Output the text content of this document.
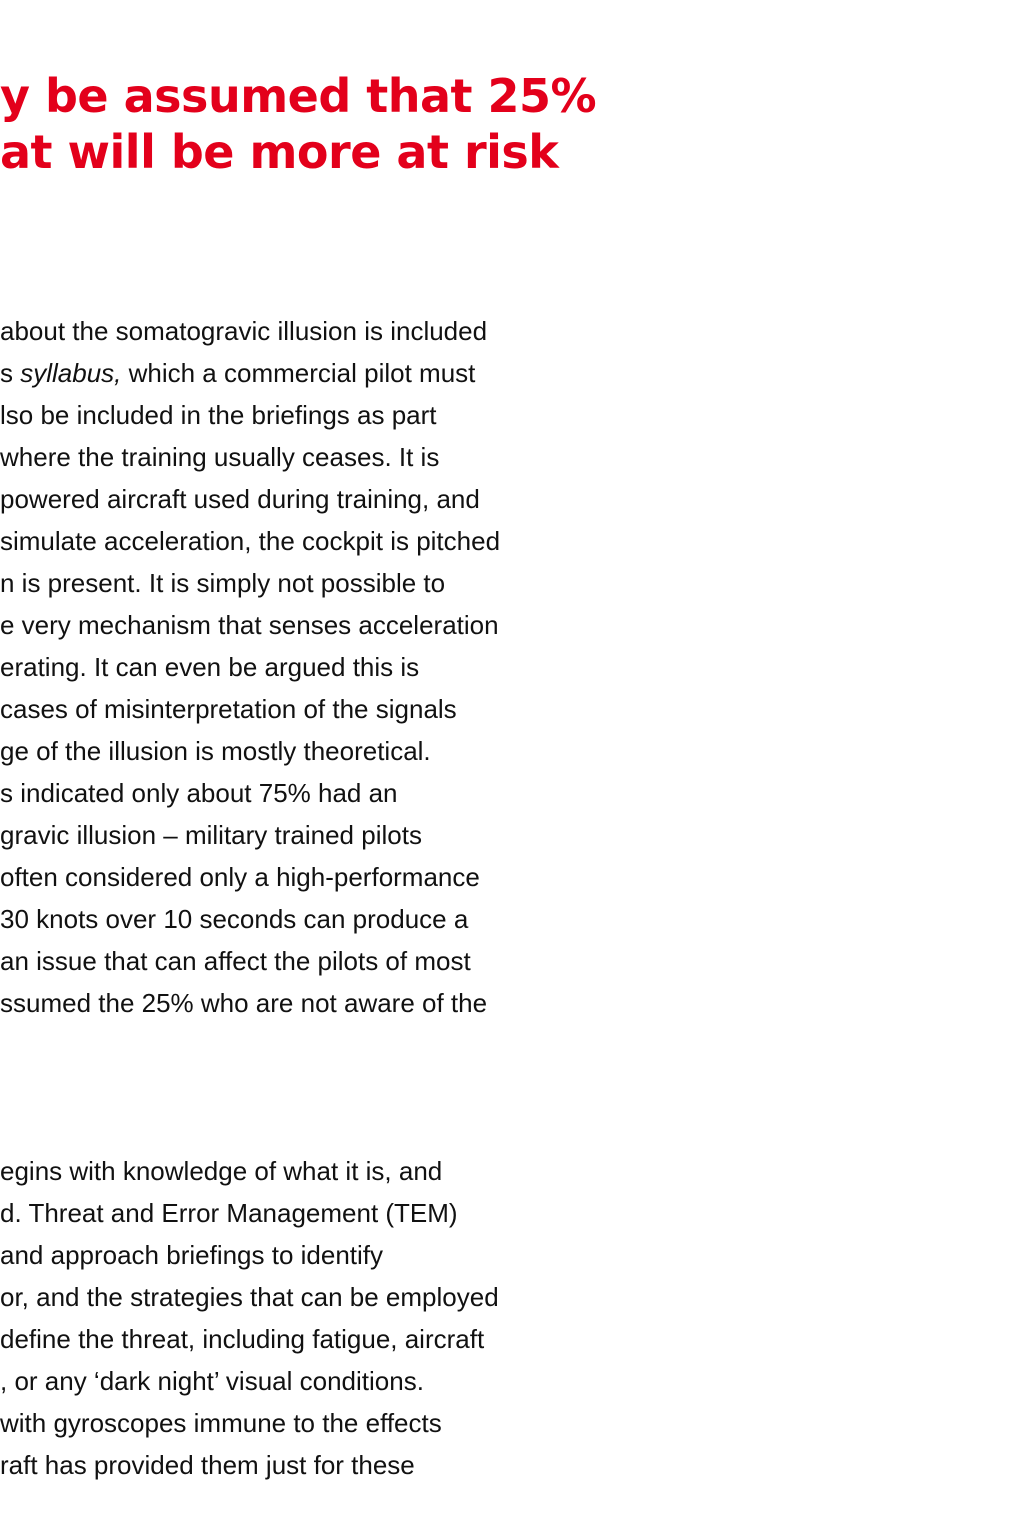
y be assumed that 25%
at will be more at risk
about the somatogravic illusion is included
s syllabus, which a commercial pilot must
lso be included in the briefings as part
where the training usually ceases. It is
powered aircraft used during training, and
simulate acceleration, the cockpit is pitched
n is present. It is simply not possible to
e very mechanism that senses acceleration
erating. It can even be argued this is
cases of misinterpretation of the signals
ge of the illusion is mostly theoretical.
s indicated only about 75% had an
gravic illusion – military trained pilots
often considered only a high-performance
30 knots over 10 seconds can produce a
an issue that can affect the pilots of most
ssumed the 25% who are not aware of the
egins with knowledge of what it is, and
d. Threat and Error Management (TEM)
and approach briefings to identify
or, and the strategies that can be employed
define the threat, including fatigue, aircraft
, or any ‘dark night’ visual conditions.
with gyroscopes immune to the effects
raft has provided them just for these
